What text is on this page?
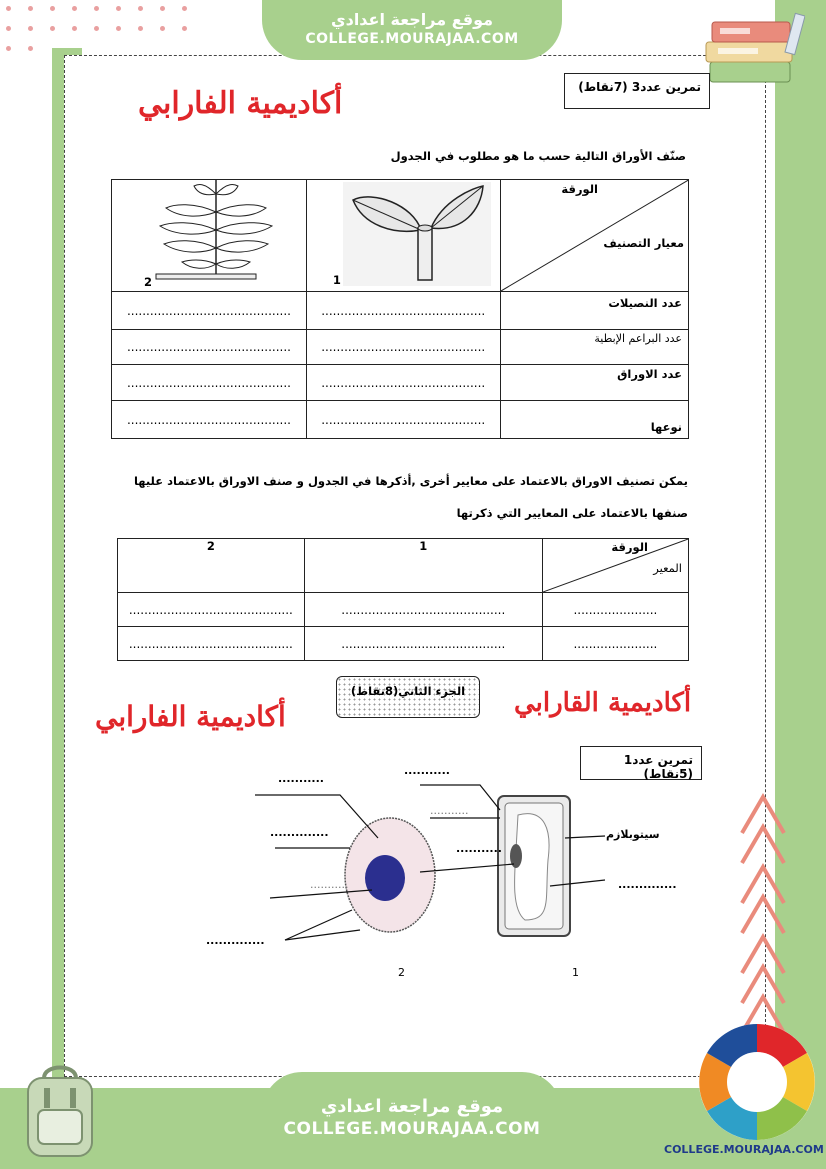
موقع مراجعة اعدادي
COLLEGE.MOURAJAA.COM
أكاديمية الفارابي	تمرين عدد3 (7نقاط)
صنّف الأوراق التالية حسب ما هو مطلوب في الجدول
الورقة
معيار التصنيف	1	2

عدد النصيلات	...........................................	...........................................
عدد البراعم الإبطية	...........................................	...........................................
عدد الاوراق	...........................................	...........................................
نوعها	...........................................	...........................................
يمكن تصنيف الاوراق بالاعتماد على معايير أخرى ,أذكرها في الجدول و صنف الاوراق بالاعتماد عليها
صنفها بالاعتماد على المعايير التي ذكرتها
الورقة
المعير	1	2
......................	...........................................	...........................................
......................	...........................................	...........................................
الجزء الثاني(8نقاط)	أكاديمية القارابي
أكاديمية الفارابي
تمرين عدد1 (5نقاط)
...........
..............
...........
..............
...........
...........
...........
..............
سيتوبلازم
1
2
موقع مراجعة اعدادي
COLLEGE.MOURAJAA.COM
COLLEGE.MOURAJAA.COM
